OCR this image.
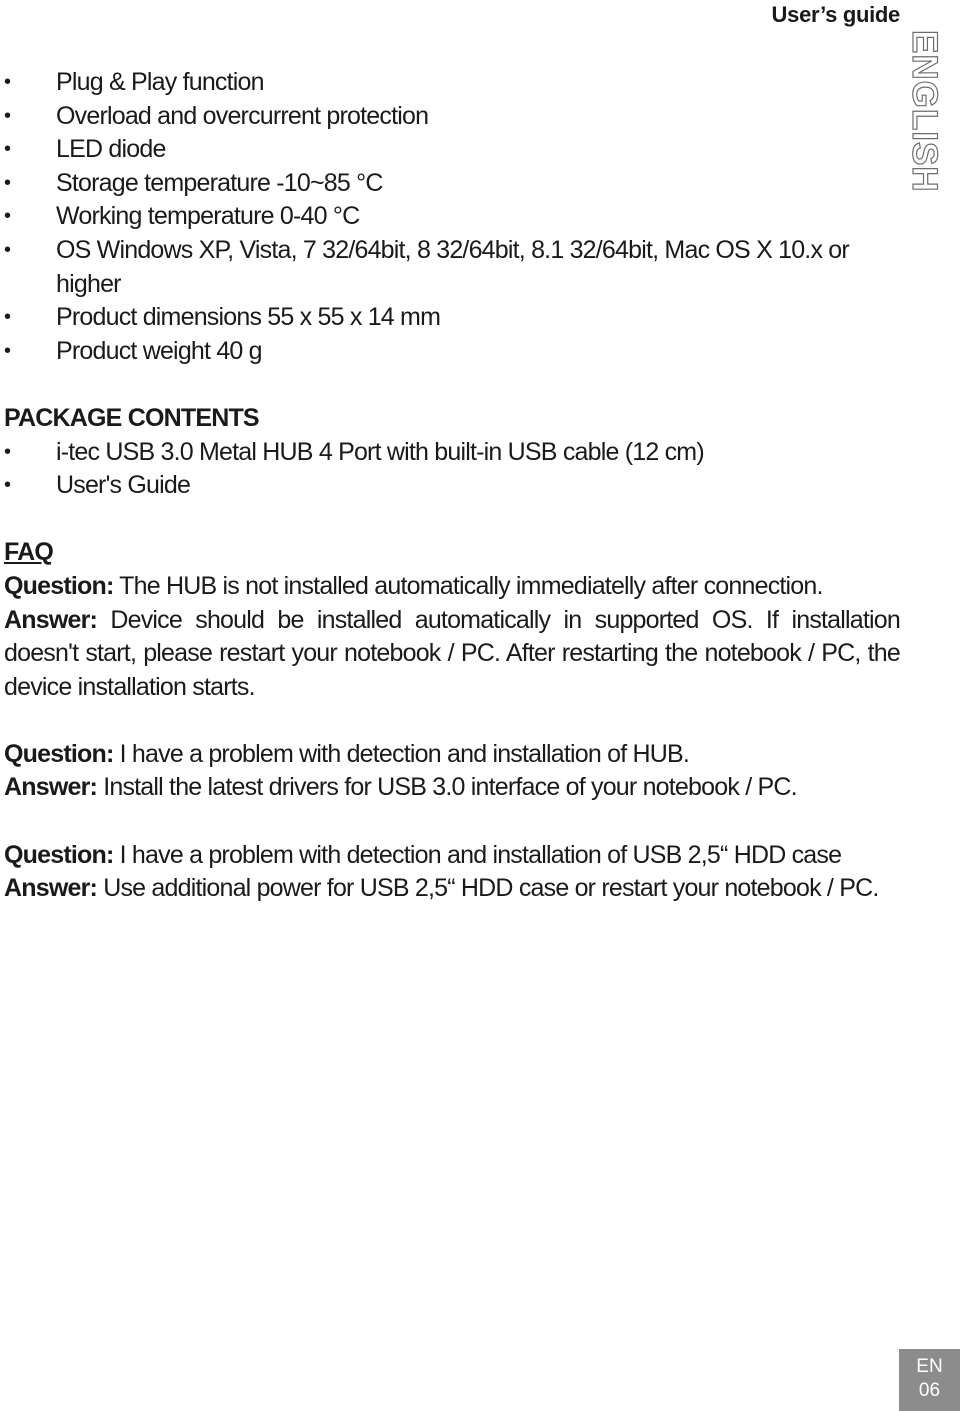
User’s guide
ENGLISH
• Plug & Play function
• Overload and overcurrent protection
• LED diode
• Storage temperature -10~85 °C
• Working temperature 0-40 °C
• OS Windows XP, Vista, 7 32/64bit, 8 32/64bit, 8.1 32/64bit, Mac OS X 10.x or higher
• Product dimensions 55 x 55 x 14 mm
• Product weight 40 g
PACKAGE CONTENTS
• i-tec USB 3.0 Metal HUB 4 Port with built-in USB cable (12 cm)
• User's Guide
FAQ
Question: The HUB is not installed automatically immediatelly after connection.
Answer: Device should be installed automatically in supported OS. If installation doesn't start, please restart your notebook / PC. After restarting the notebook / PC, the device installation starts.
Question: I have a problem with detection and installation of HUB.
Answer: Install the latest drivers for USB 3.0 interface of your notebook / PC.
Question: I have a problem with detection and installation of USB 2,5“ HDD case
Answer: Use additional power for USB 2,5“ HDD case or restart your notebook / PC.
EN
06
